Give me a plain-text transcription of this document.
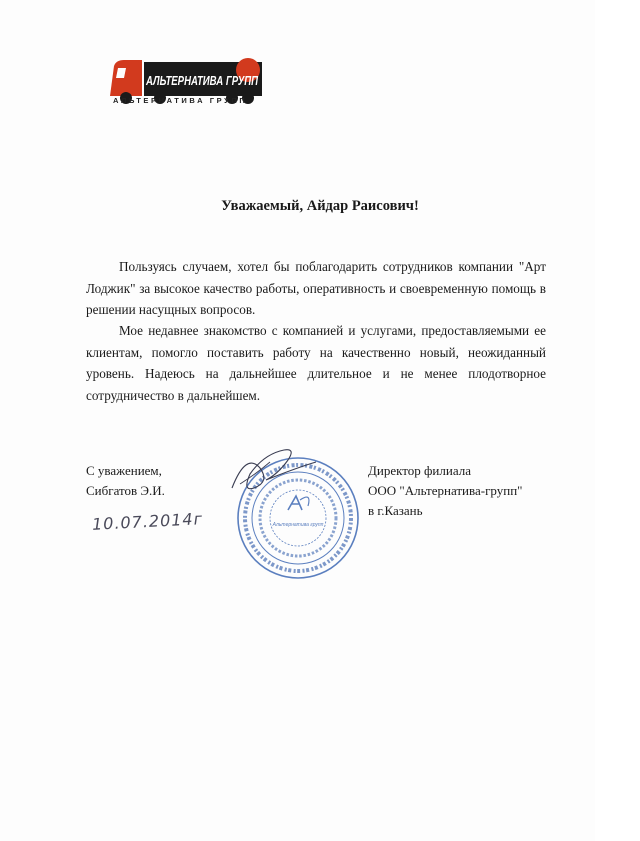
АЛЬТЕРНАТИВА ГРУПП
АЛЬТЕРНАТИВА ГРУПП
Уважаемый, Айдар Раисович!

Пользуясь случаем, хотел бы поблагодарить сотрудников компании "Арт Лоджик" за высокое качество работы, оперативность и своевременную помощь в решении насущных вопросов.

Мое недавнее знакомство с компанией и услугами, предоставляемыми ее клиентам, помогло поставить работу на качественно новый, неожиданный уровень. Надеюсь на дальнейшее длительное и не менее плодотворное сотрудничество в дальнейшем.

С уважением,
Сибгатов Э.И.
10.07.2014г	Альтернатива групп
Директор филиала
ООО "Альтернатива-групп"
в г.Казань
